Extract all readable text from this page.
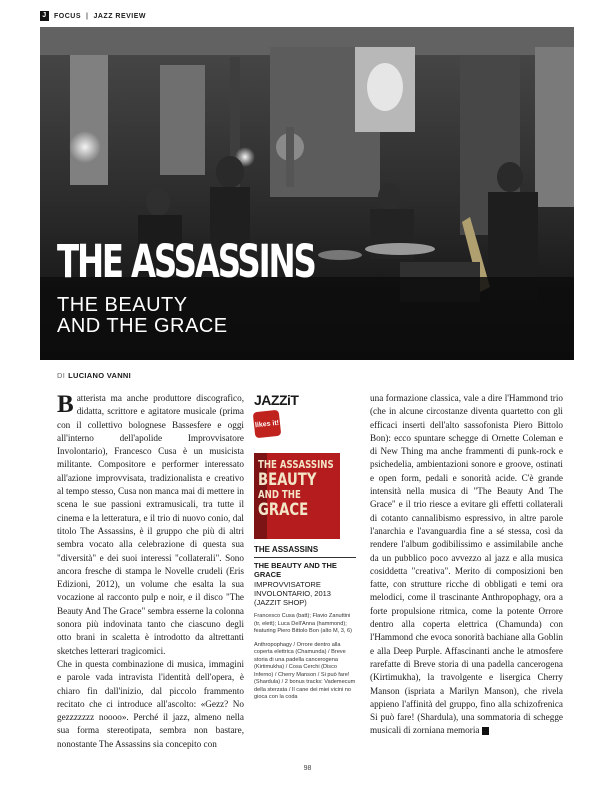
J	FOCUS | JAZZ REVIEW
THE ASSASSINS
THE BEAUTY
AND THE GRACE
DI LUCIANO VANNI

Batterista ma anche produttore discografico, didatta, scrittore e agitatore musicale (prima con il collettivo bolognese Bassesfere e oggi all'interno dell'apolide Improvvisatore Involontario), Francesco Cusa è un musicista militante. Compositore e performer interessato all'azione improvvisata, tradizionalista e creativo al tempo stesso, Cusa non manca mai di mettere in scena le sue passioni extramusicali, tra tutte il cinema e la letteratura, e il trio di nuovo conio, dal titolo The Assassins, è il gruppo che più di altri sembra vocato alla celebrazione di questa sua "diversità" e dei suoi interessi "collaterali". Sono ancora fresche di stampa le Novelle crudeli (Eris Edizioni, 2012), un volume che esalta la sua vocazione al racconto pulp e noir, e il disco "The Beauty And The Grace" sembra esserne la colonna sonora più indovinata tanto che ciascuno degli otto brani in scaletta è introdotto da altrettanti sketches letterari tragicomici.

Che in questa combinazione di musica, immagini e parole vada intravista l'identità dell'opera, è chiaro fin dall'inizio, dal piccolo frammento recitato che ci introduce all'ascolto: «Gezz? No gezzzzzzz noooo». Perché il jazz, almeno nella sua forma stereotipata, sembra non bastare, nonostante The Assassins sia concepito con

JAZZiT
likes it!
THE ASSASSINS
BEAUTY
AND THE
GRACE
THE ASSASSINS
THE BEAUTY AND THE GRACE
IMPROVVISATORE INVOLONTARIO, 2013 (JAZZIT SHOP)
Francesco Cusa (batt); Flavio Zanuttini (tr, elett); Luca Dell'Anna (hammond); featuring Piero Bittolo Bon (alto M, 3, 6)
Anthropophagy / Orrore dentro alla coperta elettrica (Chamunda) / Breve storia di una padella cancerogena (Kirtimukha) / Cosa Cerchi (Disco Inferno) / Cherry Manson / Si può fare! (Shardula) / 2 bonus tracks: Vademecum della sterzata / Il cane dei miei vicini no gioca con la coda

una formazione classica, vale a dire l'Hammond trio (che in alcune circostanze diventa quartetto con gli efficaci inserti dell'alto sassofonista Piero Bittolo Bon): ecco spuntare schegge di Ornette Coleman e di New Thing ma anche frammenti di punk-rock e psichedelia, ambientazioni sonore e groove, ostinati e open form, pedali e sonorità acide. C'è grande intensità nella musica di "The Beauty And The Grace" e il trio riesce a evitare gli effetti collaterali di cotanto cannalibismo espressivo, in altre parole l'anarchia e l'avanguardia fine a sé stessa, così da rendere l'album godibilissimo e assimilabile anche da un pubblico poco avvezzo al jazz e alla musica cosiddetta "creativa". Merito di composizioni ben fatte, con strutture ricche di obbligati e temi ora melodici, come il trascinante Anthropophagy, ora a forte propulsione ritmica, come la potente Orrore dentro alla coperta elettrica (Chamunda) con l'Hammond che evoca sonorità bachiane alla Goblin e alla Deep Purple. Affascinanti anche le atmosfere rarefatte di Breve storia di una padella cancerogena (Kirtimukha), la travolgente e lisergica Cherry Manson (ispriata a Marilyn Manson), che rivela appieno l'affinità del gruppo, fino alla schizofrenica Si può fare! (Shardula), una sommatoria di schegge musicali di zorniana memoria

98
